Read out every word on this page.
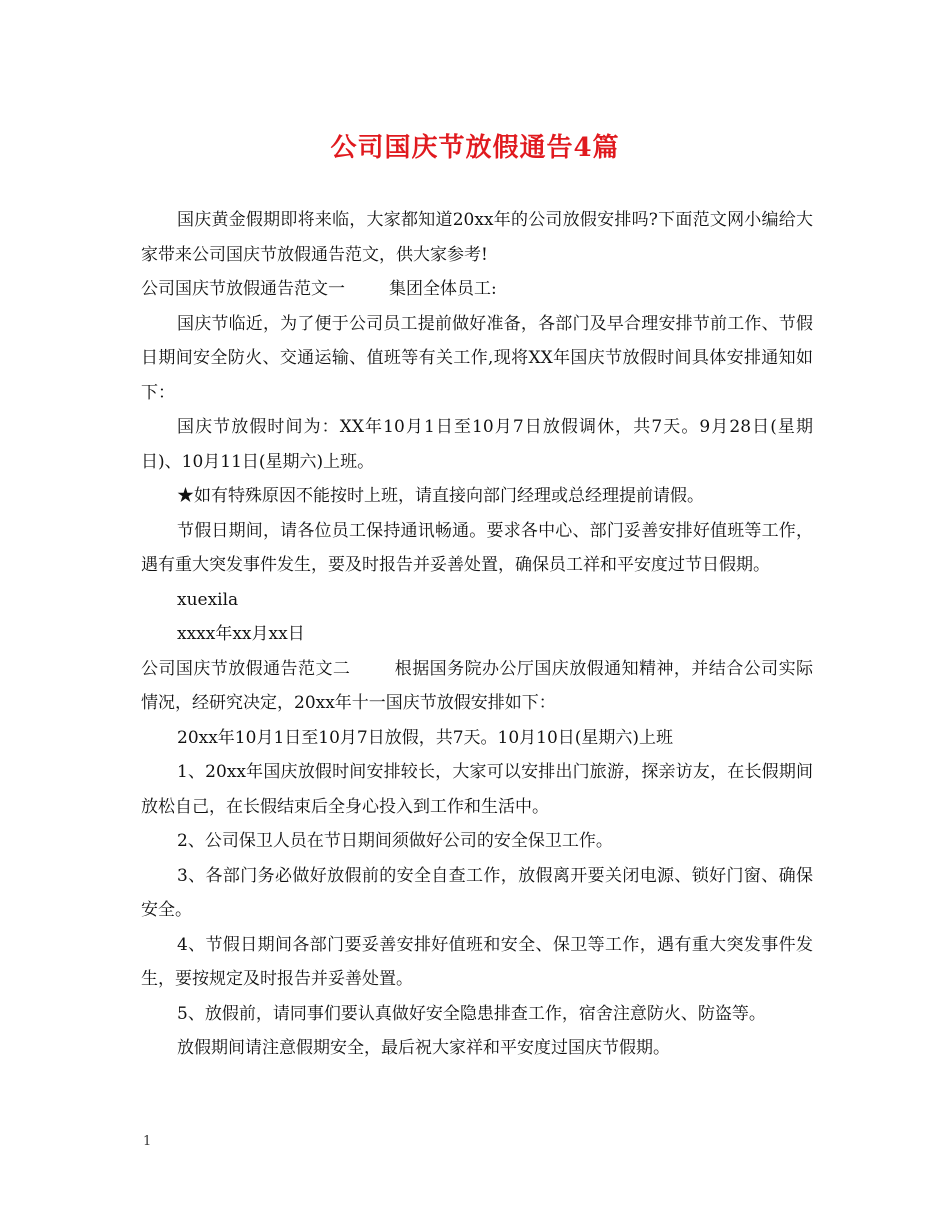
公司国庆节放假通告4篇

国庆黄金假期即将来临，大家都知道20xx年的公司放假安排吗?下面范文网小编给大家带来公司国庆节放假通告范文，供大家参考!

公司国庆节放假通告范文一	集团全体员工:

国庆节临近，为了便于公司员工提前做好准备，各部门及早合理安排节前工作、节假日期间安全防火、交通运输、值班等有关工作,现将XX年国庆节放假时间具体安排通知如下：

国庆节放假时间为：XX年10月1日至10月7日放假调休，共7天。9月28日(星期日)、10月11日(星期六)上班。

★如有特殊原因不能按时上班，请直接向部门经理或总经理提前请假。

节假日期间，请各位员工保持通讯畅通。要求各中心、部门妥善安排好值班等工作，遇有重大突发事件发生，要及时报告并妥善处置，确保员工祥和平安度过节日假期。

xuexila

xxxx年xx月xx日

公司国庆节放假通告范文二	根据国务院办公厅国庆放假通知精神，并结合公司实际情况，经研究决定，20xx年十一国庆节放假安排如下：

20xx年10月1日至10月7日放假，共7天。10月10日(星期六)上班

1、20xx年国庆放假时间安排较长，大家可以安排出门旅游，探亲访友，在长假期间放松自己，在长假结束后全身心投入到工作和生活中。

2、公司保卫人员在节日期间须做好公司的安全保卫工作。

3、各部门务必做好放假前的安全自查工作，放假离开要关闭电源、锁好门窗、确保安全。

4、节假日期间各部门要妥善安排好值班和安全、保卫等工作，遇有重大突发事件发生，要按规定及时报告并妥善处置。

5、放假前，请同事们要认真做好安全隐患排查工作，宿舍注意防火、防盗等。

放假期间请注意假期安全，最后祝大家祥和平安度过国庆节假期。

1
